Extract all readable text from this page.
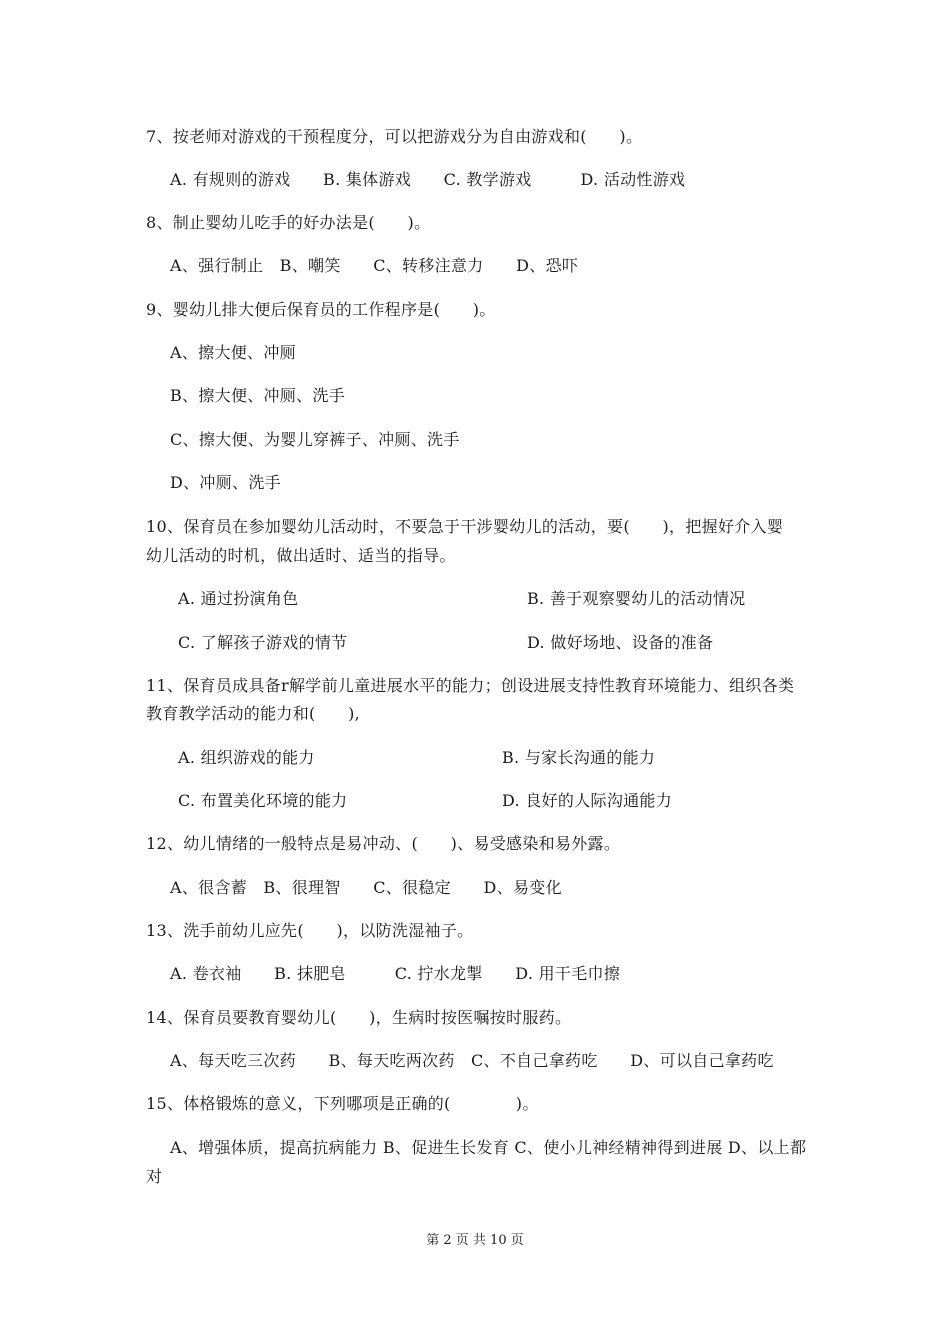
7、按老师对游戏的干预程度分，可以把游戏分为自由游戏和(　　)。
A. 有规则的游戏　　B. 集体游戏　　C. 教学游戏　　　D. 活动性游戏
8、制止婴幼儿吃手的好办法是(　　)。
A、强行制止　B、嘲笑　　C、转移注意力　　D、恐吓
9、婴幼儿排大便后保育员的工作程序是(　　)。
A、擦大便、冲厕
B、擦大便、冲厕、洗手
C、擦大便、为婴儿穿裤子、冲厕、洗手
D、冲厕、洗手
10、保育员在参加婴幼儿活动时，不要急于干涉婴幼儿的活动，要(　　)，把握好介入婴
幼儿活动的时机，做出适时、适当的指导。
A. 通过扮演角色	B. 善于观察婴幼儿的活动情况
C. 了解孩子游戏的情节	D. 做好场地、设备的准备
11、保育员成具备r解学前儿童进展水平的能力；创设进展支持性教育环境能力、组织各类
教育教学活动的能力和(　　),
A. 组织游戏的能力	B. 与家长沟通的能力
C. 布置美化环境的能力	D. 良好的人际沟通能力
12、幼儿情绪的一般特点是易冲动、(　　)、易受感染和易外露。
A、很含蓄　B、很理智　　C、很稳定　　D、易变化
13、洗手前幼儿应先(　　)，以防洗湿袖子。
A. 卷衣袖　　B. 抹肥皂　　　C. 拧水龙掣　　D. 用干毛巾擦
14、保育员要教育婴幼儿(　　)，生病时按医嘱按时服药。
A、每天吃三次药　　B、每天吃两次药　C、不自己拿药吃　　D、可以自己拿药吃
15、体格锻炼的意义，下列哪项是正确的(　　　　)。
A、增强体质，提高抗病能力 B、促进生长发育 C、使小儿神经精神得到进展 D、以上都对
第 2 页 共 10 页
